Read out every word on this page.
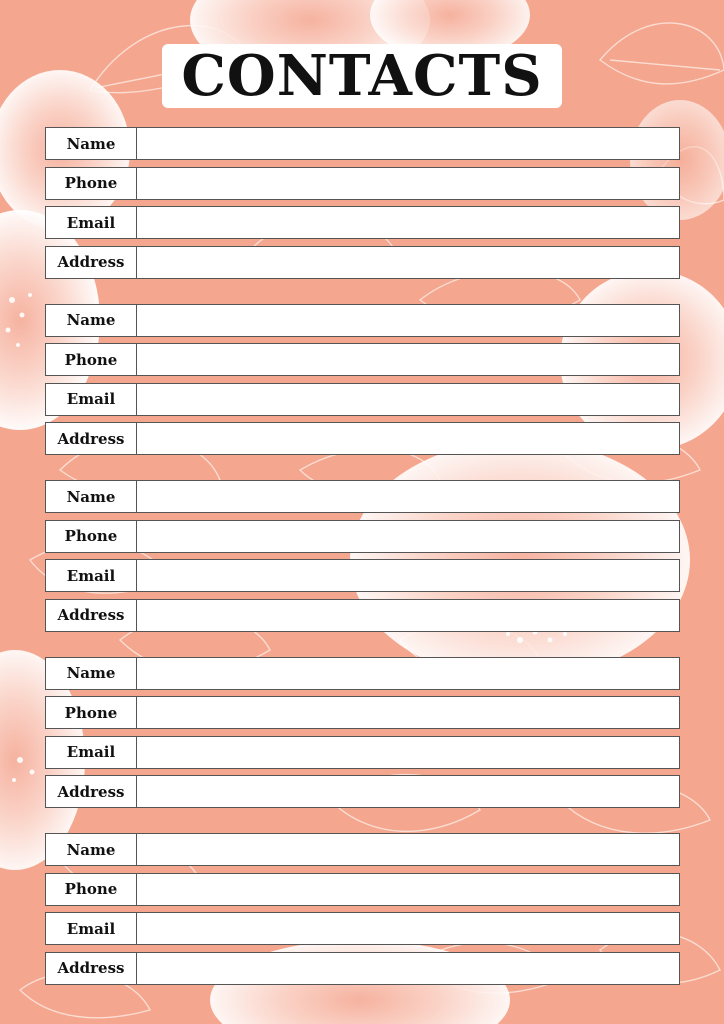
CONTACTS
Name
Phone
Email
Address
Name
Phone
Email
Address
Name
Phone
Email
Address
Name
Phone
Email
Address
Name
Phone
Email
Address
